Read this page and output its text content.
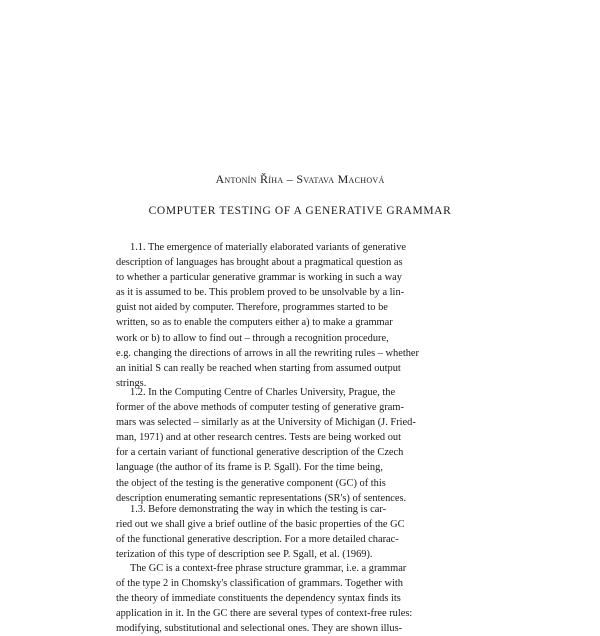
Antonín Říha – Svatava Machová
COMPUTER TESTING OF A GENERATIVE GRAMMAR
1.1. The emergence of materially elaborated variants of generative
description of languages has brought about a pragmatical question as
to whether a particular generative grammar is working in such a way
as it is assumed to be. This problem proved to be unsolvable by a lin-
guist not aided by computer. Therefore, programmes started to be
written, so as to enable the computers either a) to make a grammar
work or b) to allow to find out – through a recognition procedure,
e.g. changing the directions of arrows in all the rewriting rules – whether
an initial S can really be reached when starting from assumed output
strings.
1.2. In the Computing Centre of Charles University, Prague, the
former of the above methods of computer testing of generative gram-
mars was selected – similarly as at the University of Michigan (J. Fried-
man, 1971) and at other research centres. Tests are being worked out
for a certain variant of functional generative description of the Czech
language (the author of its frame is P. Sgall). For the time being,
the object of the testing is the generative component (GC) of this
description enumerating semantic representations (SR's) of sentences.
1.3. Before demonstrating the way in which the testing is car-
ried out we shall give a brief outline of the basic properties of the GC
of the functional generative description. For a more detailed charac-
terization of this type of description see P. Sgall, et al. (1969).
The GC is a context-free phrase structure grammar, i.e. a grammar
of the type 2 in Chomsky's classification of grammars. Together with
the theory of immediate constituents the dependency syntax finds its
application in it. In the GC there are several types of context-free rules:
modifying, substitutional and selectional ones. They are shown illus-
